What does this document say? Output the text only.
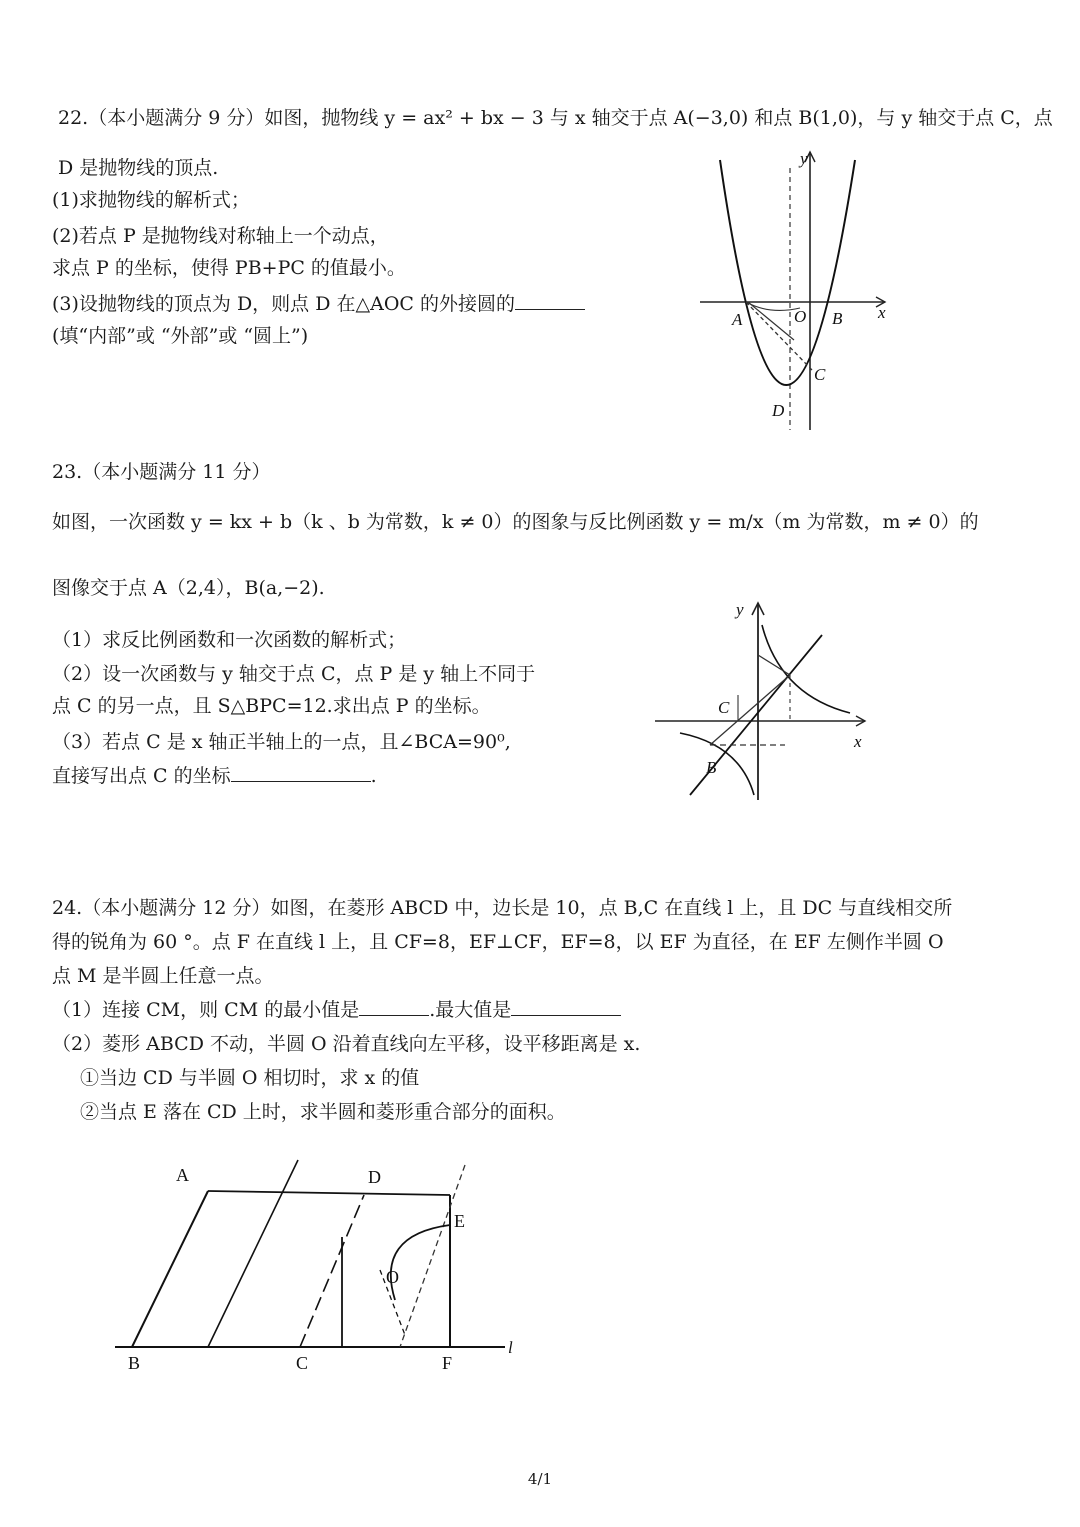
22.（本小题满分 9 分）如图，抛物线 y = ax² + bx − 3 与 x 轴交于点 A(−3,0) 和点 B(1,0)，与 y 轴交于点 C，点
D 是抛物线的顶点.
(1)求抛物线的解析式；
(2)若点 P 是抛物线对称轴上一个动点，
求点 P 的坐标，使得 PB+PC 的值最小。
(3)设抛物线的顶点为 D，则点 D 在△AOC 的外接圆的
(填“内部”或 “外部”或 “圆上”)
y
x
A	O B
C
D
23.（本小题满分 11 分）
如图，一次函数 y = kx + b（k 、b 为常数，k ≠ 0）的图象与反比例函数 y = m/x（m 为常数，m ≠ 0）的
图像交于点 A（2,4），B(a,−2).
（1）求反比例函数和一次函数的解析式；
（2）设一次函数与 y 轴交于点 C，点 P 是 y 轴上不同于
点 C 的另一点，且 S△BPC=12.求出点 P 的坐标。
（3）若点 C 是 x 轴正半轴上的一点，且∠BCA=90⁰,
直接写出点 C 的坐标	.
y
x
C
B
24.（本小题满分 12 分）如图，在菱形 ABCD 中，边长是 10，点 B,C 在直线 l 上，且 DC 与直线相交所
得的锐角为 60 °。点 F 在直线 l 上，且 CF=8，EF⊥CF，EF=8，以 EF 为直径，在 EF 左侧作半圆 O
点 M 是半圆上任意一点。
（1）连接 CM，则 CM 的最小值是	.最大值是
（2）菱形 ABCD 不动，半圆 O 沿着直线向左平移，设平移距离是 x.
①当边 CD 与半圆 O 相切时，求 x 的值
②当点 E 落在 CD 上时，求半圆和菱形重合部分的面积。
A	D
E
O
B	C	F
l
4/1
